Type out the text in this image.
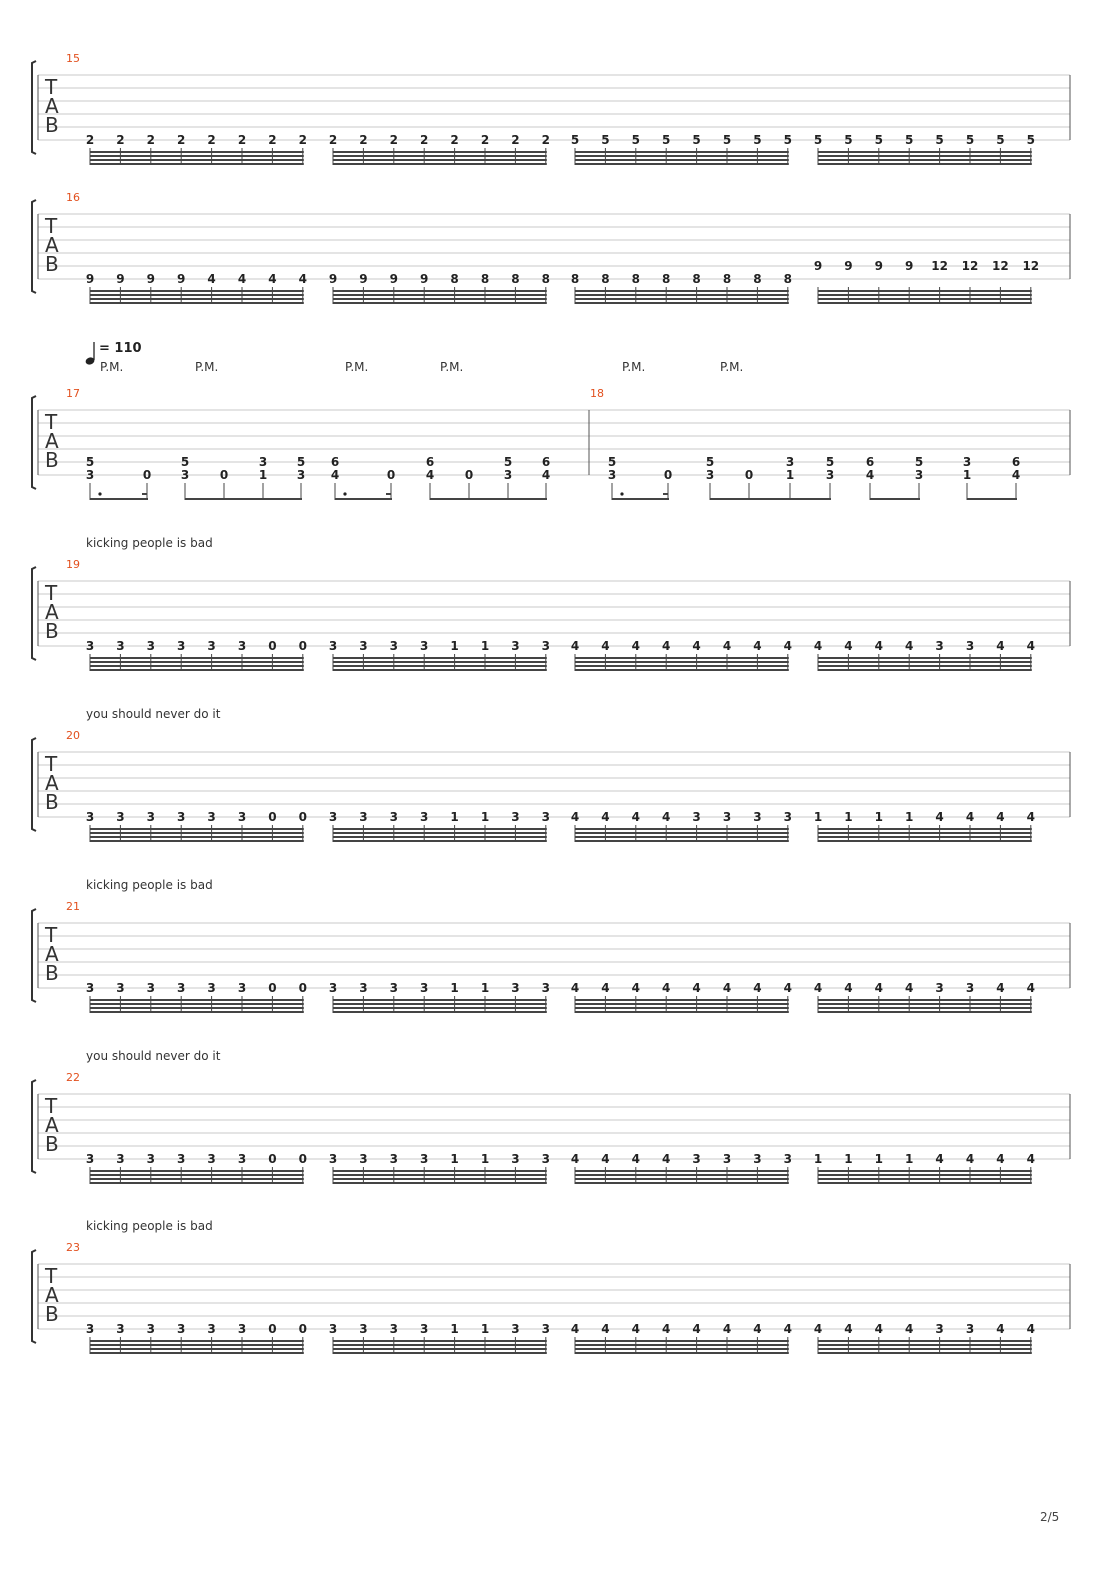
T
A
B
15
2 2 2 2 2 2 2 2 2 2 2 2 2 2 2 2 5 5 5 5 5 5 5 5 5 5 5 5 5 5 5 5
T
A
B
16
9 9 9 9 4 4 4 4 9 9 9 9 8 8 8 8 8 8 8 8 8 8 8 8
9 9 9 9 12 12 12 12
T
A
B
= 110
17
5
3
P.M.
0
5
3
P.M.
0
3
1
5
3
6
4
P.M.
0
6
4
P.M.
0
5
3
6
4
18
5
3
P.M.
0
5
3
P.M.
0
3
1
5
3
6
4
5
3
3
1
6
4
T
A
B
kicking people is bad
19
3 3 3 3 3 3 0 0 3 3 3 3 1 1 3 3 4 4 4 4 4 4 4 4 4 4 4 4 3 3 4 4
T
A
B
you should never do it
20
3 3 3 3 3 3 0 0 3 3 3 3 1 1 3 3 4 4 4 4 3 3 3 3 1 1 1 1 4 4 4 4
T
A
B
kicking people is bad
21
3 3 3 3 3 3 0 0 3 3 3 3 1 1 3 3 4 4 4 4 4 4 4 4 4 4 4 4 3 3 4 4
T
A
B
you should never do it
22
3 3 3 3 3 3 0 0 3 3 3 3 1 1 3 3 4 4 4 4 3 3 3 3 1 1 1 1 4 4 4 4
T
A
B
kicking people is bad
23
3 3 3 3 3 3 0 0 3 3 3 3 1 1 3 3 4 4 4 4 4 4 4 4 4 4 4 4 3 3 4 4
2/5
